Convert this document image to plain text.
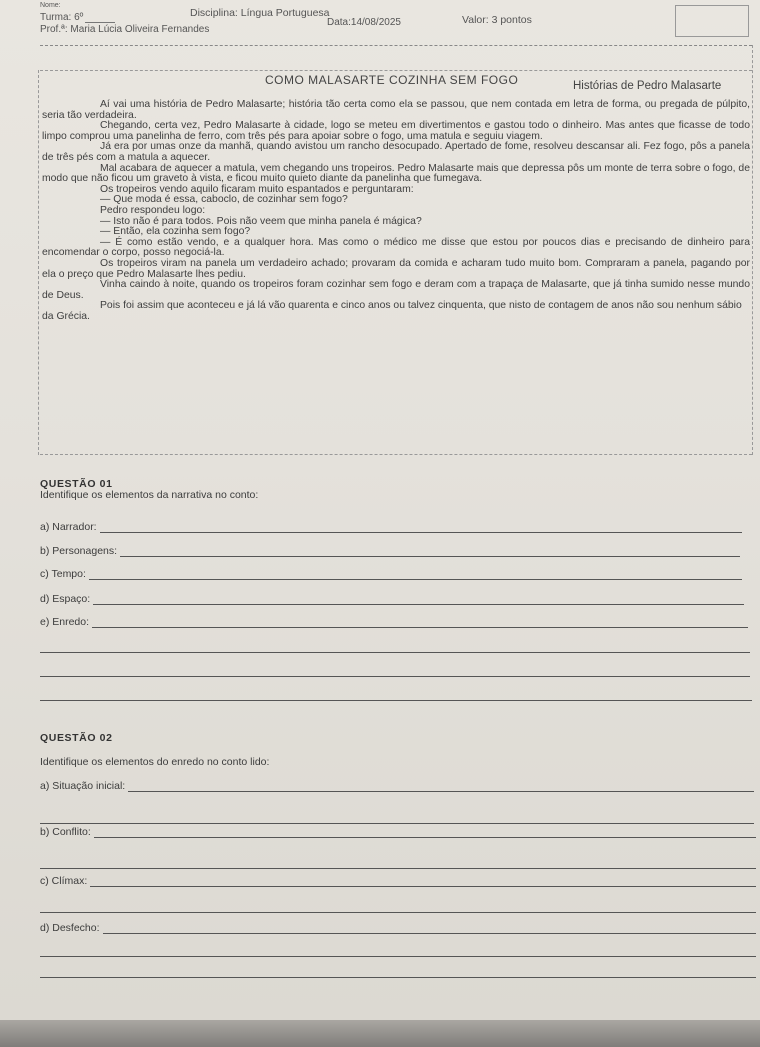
Nome:
Turma: 6º
Prof.ª: Maria Lúcia Oliveira Fernandes
Disciplina: Língua Portuguesa
Data:14/08/2025	Valor: 3 pontos
COMO MALASARTE COZINHA SEM FOGO	Histórias de Pedro Malasarte

Aí vai uma história de Pedro Malasarte; história tão certa como ela se passou, que nem contada em letra de forma, ou pregada de púlpito, seria tão verdadeira.

Chegando, certa vez, Pedro Malasarte à cidade, logo se meteu em divertimentos e gastou todo o dinheiro. Mas antes que ficasse de todo limpo comprou uma panelinha de ferro, com três pés para apoiar sobre o fogo, uma matula e seguiu viagem.

Já era por umas onze da manhã, quando avistou um rancho desocupado. Apertado de fome, resolveu descansar ali. Fez fogo, pôs a panela de três pés com a matula a aquecer.

Mal acabara de aquecer a matula, vem chegando uns tropeiros. Pedro Malasarte mais que depressa pôs um monte de terra sobre o fogo, de modo que não ficou um graveto à vista, e ficou muito quieto diante da panelinha que fumegava.

Os tropeiros vendo aquilo ficaram muito espantados e perguntaram:

— Que moda é essa, caboclo, de cozinhar sem fogo?

Pedro respondeu logo:

— Isto não é para todos. Pois não veem que minha panela é mágica?

— Então, ela cozinha sem fogo?

— É como estão vendo, e a qualquer hora. Mas como o médico me disse que estou por poucos dias e precisando de dinheiro para encomendar o corpo, posso negociá-la.

Os tropeiros viram na panela um verdadeiro achado; provaram da comida e acharam tudo muito bom. Compraram a panela, pagando por ela o preço que Pedro Malasarte lhes pediu.

Vinha caindo à noite, quando os tropeiros foram cozinhar sem fogo e deram com a trapaça de Malasarte, que já tinha sumido nesse mundo de Deus.

Pois foi assim que aconteceu e já lá vão quarenta e cinco anos ou talvez cinquenta, que nisto de contagem de anos não sou nenhum sábio da Grécia.

QUESTÃO 01
Identifique os elementos da narrativa no conto:
a) Narrador:
b) Personagens:
c) Tempo:
d) Espaço:
e) Enredo:
QUESTÃO 02
Identifique os elementos do enredo no conto lido:
a) Situação inicial:
b) Conflito:
c) Clímax:
d) Desfecho:
